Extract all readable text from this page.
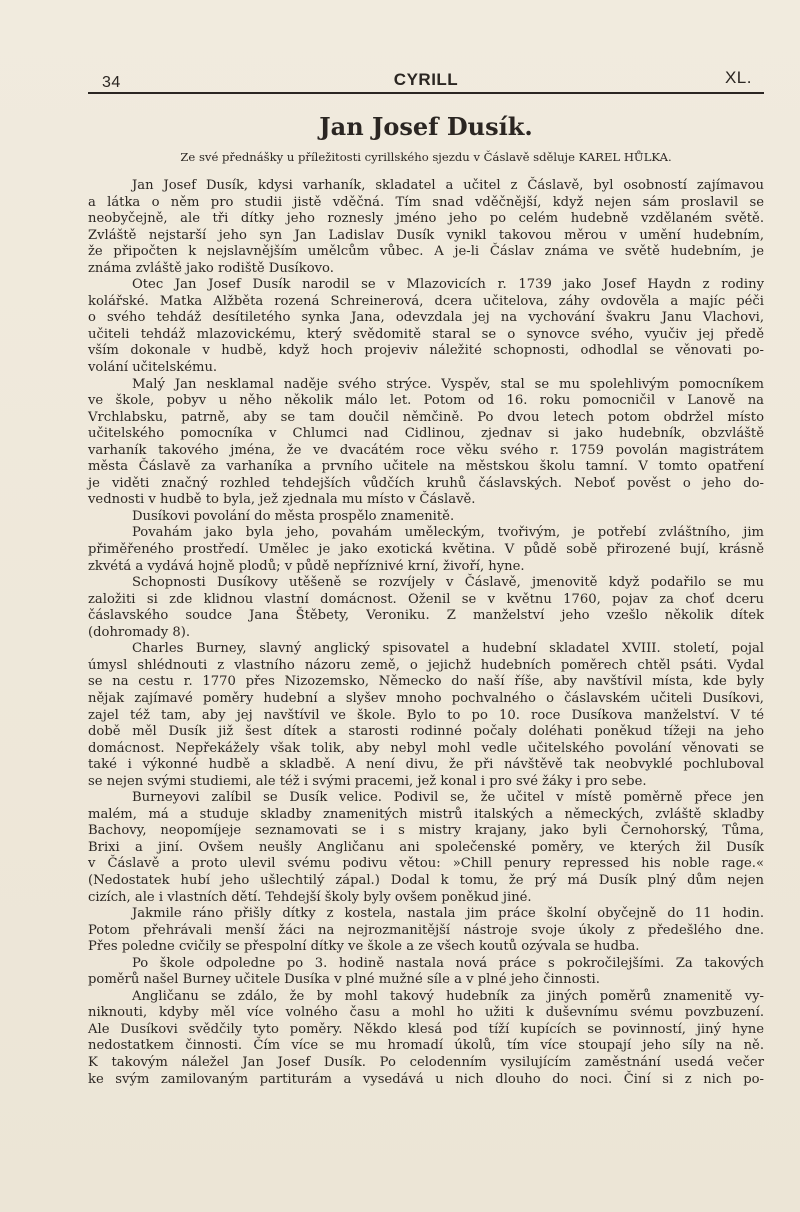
34	CYRILL	XL.
Jan Josef Dusík.
Ze své přednášky u příležitosti cyrillského sjezdu v Čáslavě sděluje KAREL HŮLKA.
Jan Josef Dusík, kdysi varhaník, skladatel a učitel z Čáslavě, byl osobností zajímavou
a látka o něm pro studii jistě vděčná. Tím snad vděčnější, když nejen sám proslavil se
neobyčejně, ale tři dítky jeho roznesly jméno jeho po celém hudebně vzdělaném světě.
Zvláště nejstarší jeho syn Jan Ladislav Dusík vynikl takovou měrou v umění hudebním,
že připočten k nejslavnějším umělcům vůbec. A je-li Čáslav známa ve světě hudebním, je
známa zvláště jako rodiště Dusíkovo.
Otec Jan Josef Dusík narodil se v Mlazovicích r. 1739 jako Josef Haydn z rodiny
kolářské. Matka Alžběta rozená Schreinerová, dcera učitelova, záhy ovdověla a majíc péči
o svého tehdáž desítiletého synka Jana, odevzdala jej na vychování švakru Janu Vlachovi,
učiteli tehdáž mlazovickému, který svědomitě staral se o synovce svého, vyučiv jej předě
vším dokonale v hudbě, když hoch projeviv náležité schopnosti, odhodlal se věnovati po-
volání učitelskému.
Malý Jan nesklamal naděje svého strýce. Vyspěv, stal se mu spolehlivým pomocníkem
ve škole, pobyv u něho několik málo let. Potom od 16. roku pomocničil v Lanově na
Vrchlabsku, patrně, aby se tam doučil němčině. Po dvou letech potom obdržel místo
učitelského pomocníka v Chlumci nad Cidlinou, zjednav si jako hudebník, obzvláště
varhaník takového jména, že ve dvacátém roce věku svého r. 1759 povolán magistrátem
města Čáslavě za varhaníka a prvního učitele na městskou školu tamní. V tomto opatření
je viděti značný rozhled tehdejších vůdčích kruhů čáslavských. Neboť pověst o jeho do-
vednosti v hudbě to byla, jež zjednala mu místo v Čáslavě.
Dusíkovi povolání do města prospělo znamenitě.
Povahám jako byla jeho, povahám uměleckým, tvořivým, je potřebí zvláštního, jim
přiměřeného prostředí. Umělec je jako exotická květina. V půdě sobě přirozené bují, krásně
zkvétá a vydává hojně plodů; v půdě nepříznivé krní, živoří, hyne.
Schopnosti Dusíkovy utěšeně se rozvíjely v Čáslavě, jmenovitě když podařilo se mu
založiti si zde klidnou vlastní domácnost. Oženil se v květnu 1760, pojav za choť dceru
čáslavského soudce Jana Štěbety, Veroniku. Z manželství jeho vzešlo několik dítek
(dohromady 8).
Charles Burney, slavný anglický spisovatel a hudební skladatel XVIII. století, pojal
úmysl shlédnouti z vlastního názoru země, o jejichž hudebních poměrech chtěl psáti. Vydal
se na cestu r. 1770 přes Nizozemsko, Německo do naší říše, aby navštívil místa, kde byly
nějak zajímavé poměry hudební a slyšev mnoho pochvalného o čáslavském učiteli Dusíkovi,
zajel též tam, aby jej navštívil ve škole. Bylo to po 10. roce Dusíkova manželství. V té
době měl Dusík již šest dítek a starosti rodinné počaly doléhati poněkud tížeji na jeho
domácnost. Nepřekážely však tolik, aby nebyl mohl vedle učitelského povolání věnovati se
také i výkonné hudbě a skladbě. A není divu, že při návštěvě tak neobvyklé pochluboval
se nejen svými studiemi, ale též i svými pracemi, jež konal i pro své žáky i pro sebe.
Burneyovi zalíbil se Dusík velice. Podivil se, že učitel v místě poměrně přece jen
malém, má a studuje skladby znamenitých mistrů italských a německých, zvláště skladby
Bachovy, neopomíjeje seznamovati se i s mistry krajany, jako byli Černohorský, Tůma,
Brixi a jiní. Ovšem neušly Angličanu ani společenské poměry, ve kterých žil Dusík
v Čáslavě a proto ulevil svému podivu větou: »Chill penury repressed his noble rage.«
(Nedostatek hubí jeho ušlechtilý zápal.) Dodal k tomu, že prý má Dusík plný dům nejen
cizích, ale i vlastních dětí. Tehdejší školy byly ovšem poněkud jiné.
Jakmile ráno přišly dítky z kostela, nastala jim práce školní obyčejně do 11 hodin.
Potom přehrávali menší žáci na nejrozmanitější nástroje svoje úkoly z předešlého dne.
Přes poledne cvičily se přespolní dítky ve škole a ze všech koutů ozývala se hudba.
Po škole odpoledne po 3. hodině nastala nová práce s pokročilejšími. Za takových
poměrů našel Burney učitele Dusíka v plné mužné síle a v plné jeho činnosti.
Angličanu se zdálo, že by mohl takový hudebník za jiných poměrů znamenitě vy-
niknouti, kdyby měl více volného času a mohl ho užiti k duševnímu svému povzbuzení.
Ale Dusíkovi svědčily tyto poměry. Někdo klesá pod tíží kupících se povinností, jiný hyne
nedostatkem činnosti. Čím více se mu hromadí úkolů, tím více stoupají jeho síly na ně.
K takovým náležel Jan Josef Dusík. Po celodenním vysilujícím zaměstnání usedá večer
ke svým zamilovaným partiturám a vysedává u nich dlouho do noci. Činí si z nich po-
